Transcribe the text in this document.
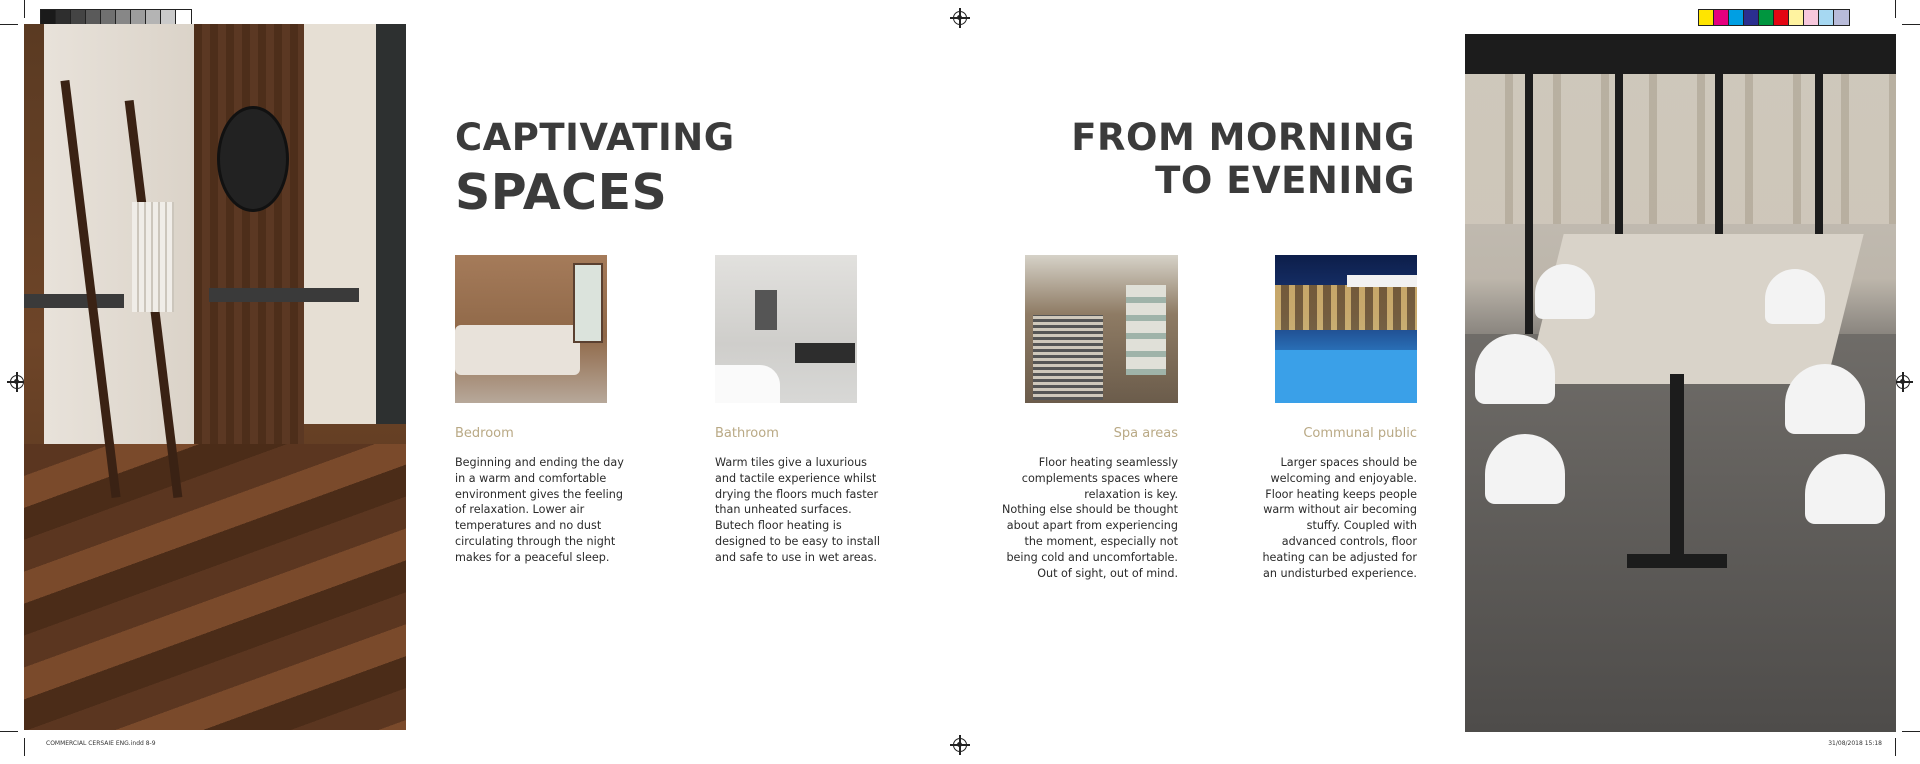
CAPTIVATING
SPACES
FROM MORNING
TO EVENING
Bedroom	Bathroom	Spa areas	Communal public

Beginning and ending the day

in a warm and comfortable

environment gives the feeling

of relaxation. Lower air

temperatures and no dust

circulating through the night

makes for a peaceful sleep.

Warm tiles give a luxurious

and tactile experience whilst

drying the floors much faster

than unheated surfaces.

Butech floor heating is

designed to be easy to install

and safe to use in wet areas.

Floor heating seamlessly

complements spaces where

relaxation is key.

Nothing else should be thought

about apart from experiencing

the moment, especially not

being cold and uncomfortable.

Out of sight, out of mind.

Larger spaces should be

welcoming and enjoyable.

Floor heating keeps people

warm without air becoming

stuffy. Coupled with

advanced controls, floor

heating can be adjusted for

an undisturbed experience.

COMMERCIAL CERSAIE ENG.indd 8-9	31/08/2018 15:18
